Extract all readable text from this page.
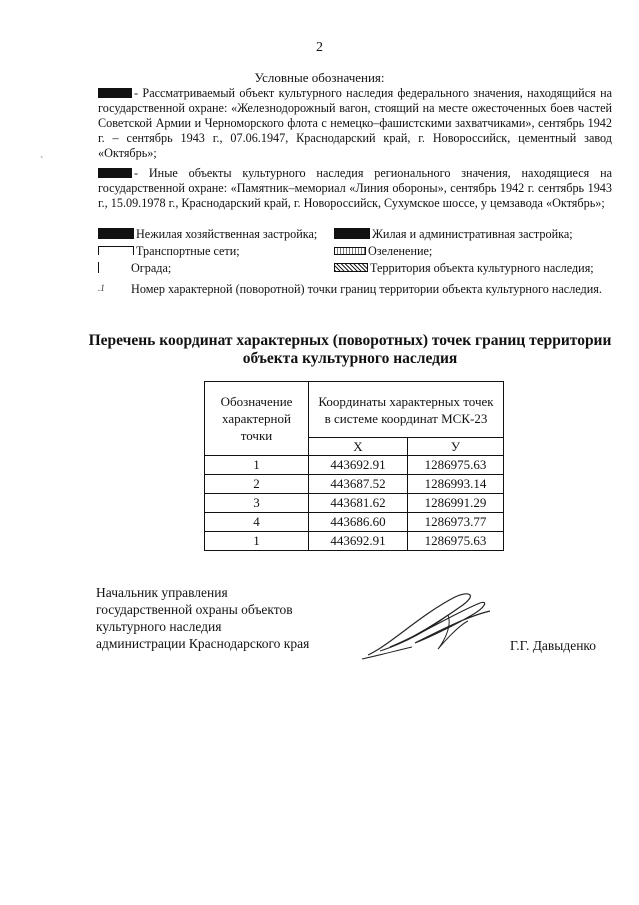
2
Условные обозначения:
`
- Рассматриваемый объект культурного наследия федерального значения, находящийся на государственной охране: «Железнодорожный вагон, стоящий на месте ожесточенных боев частей Советской Армии и Черноморского флота с немецко–фашистскими захватчиками», сентябрь 1942 г. – сентябрь 1943 г., 07.06.1947, Краснодарский край, г. Новороссийск, цементный завод «Октябрь»;
- Иные объекты культурного наследия регионального значения, находящиеся на государственной охране: «Памятник–мемориал «Линия обороны», сентябрь 1942 г. сентябрь 1943 г., 15.09.1978 г., Краснодарский край, г. Новороссийск, Сухумское шоссе, у цемзавода «Октябрь»;
Нежилая хозяйственная застройка;	Жилая и административная застройка;
Транспортные сети;	Озеленение;
Ограда;	Территория объекта культурного наследия;
.1 Номер характерной (поворотной) точки границ территории объекта культурного наследия.
Перечень координат характерных (поворотных) точек границ территории
объекта культурного наследия
Обозначение характерной точки	Координаты характерных точек в системе координат МСК-23	
	X	У
1	443692.91	1286975.63
2	443687.52	1286993.14
3	443681.62	1286991.29
4	443686.60	1286973.77
1	443692.91	1286975.63
Начальник управления
государственной охраны объектов
культурного наследия
администрации Краснодарского края	Г.Г. Давыденко
